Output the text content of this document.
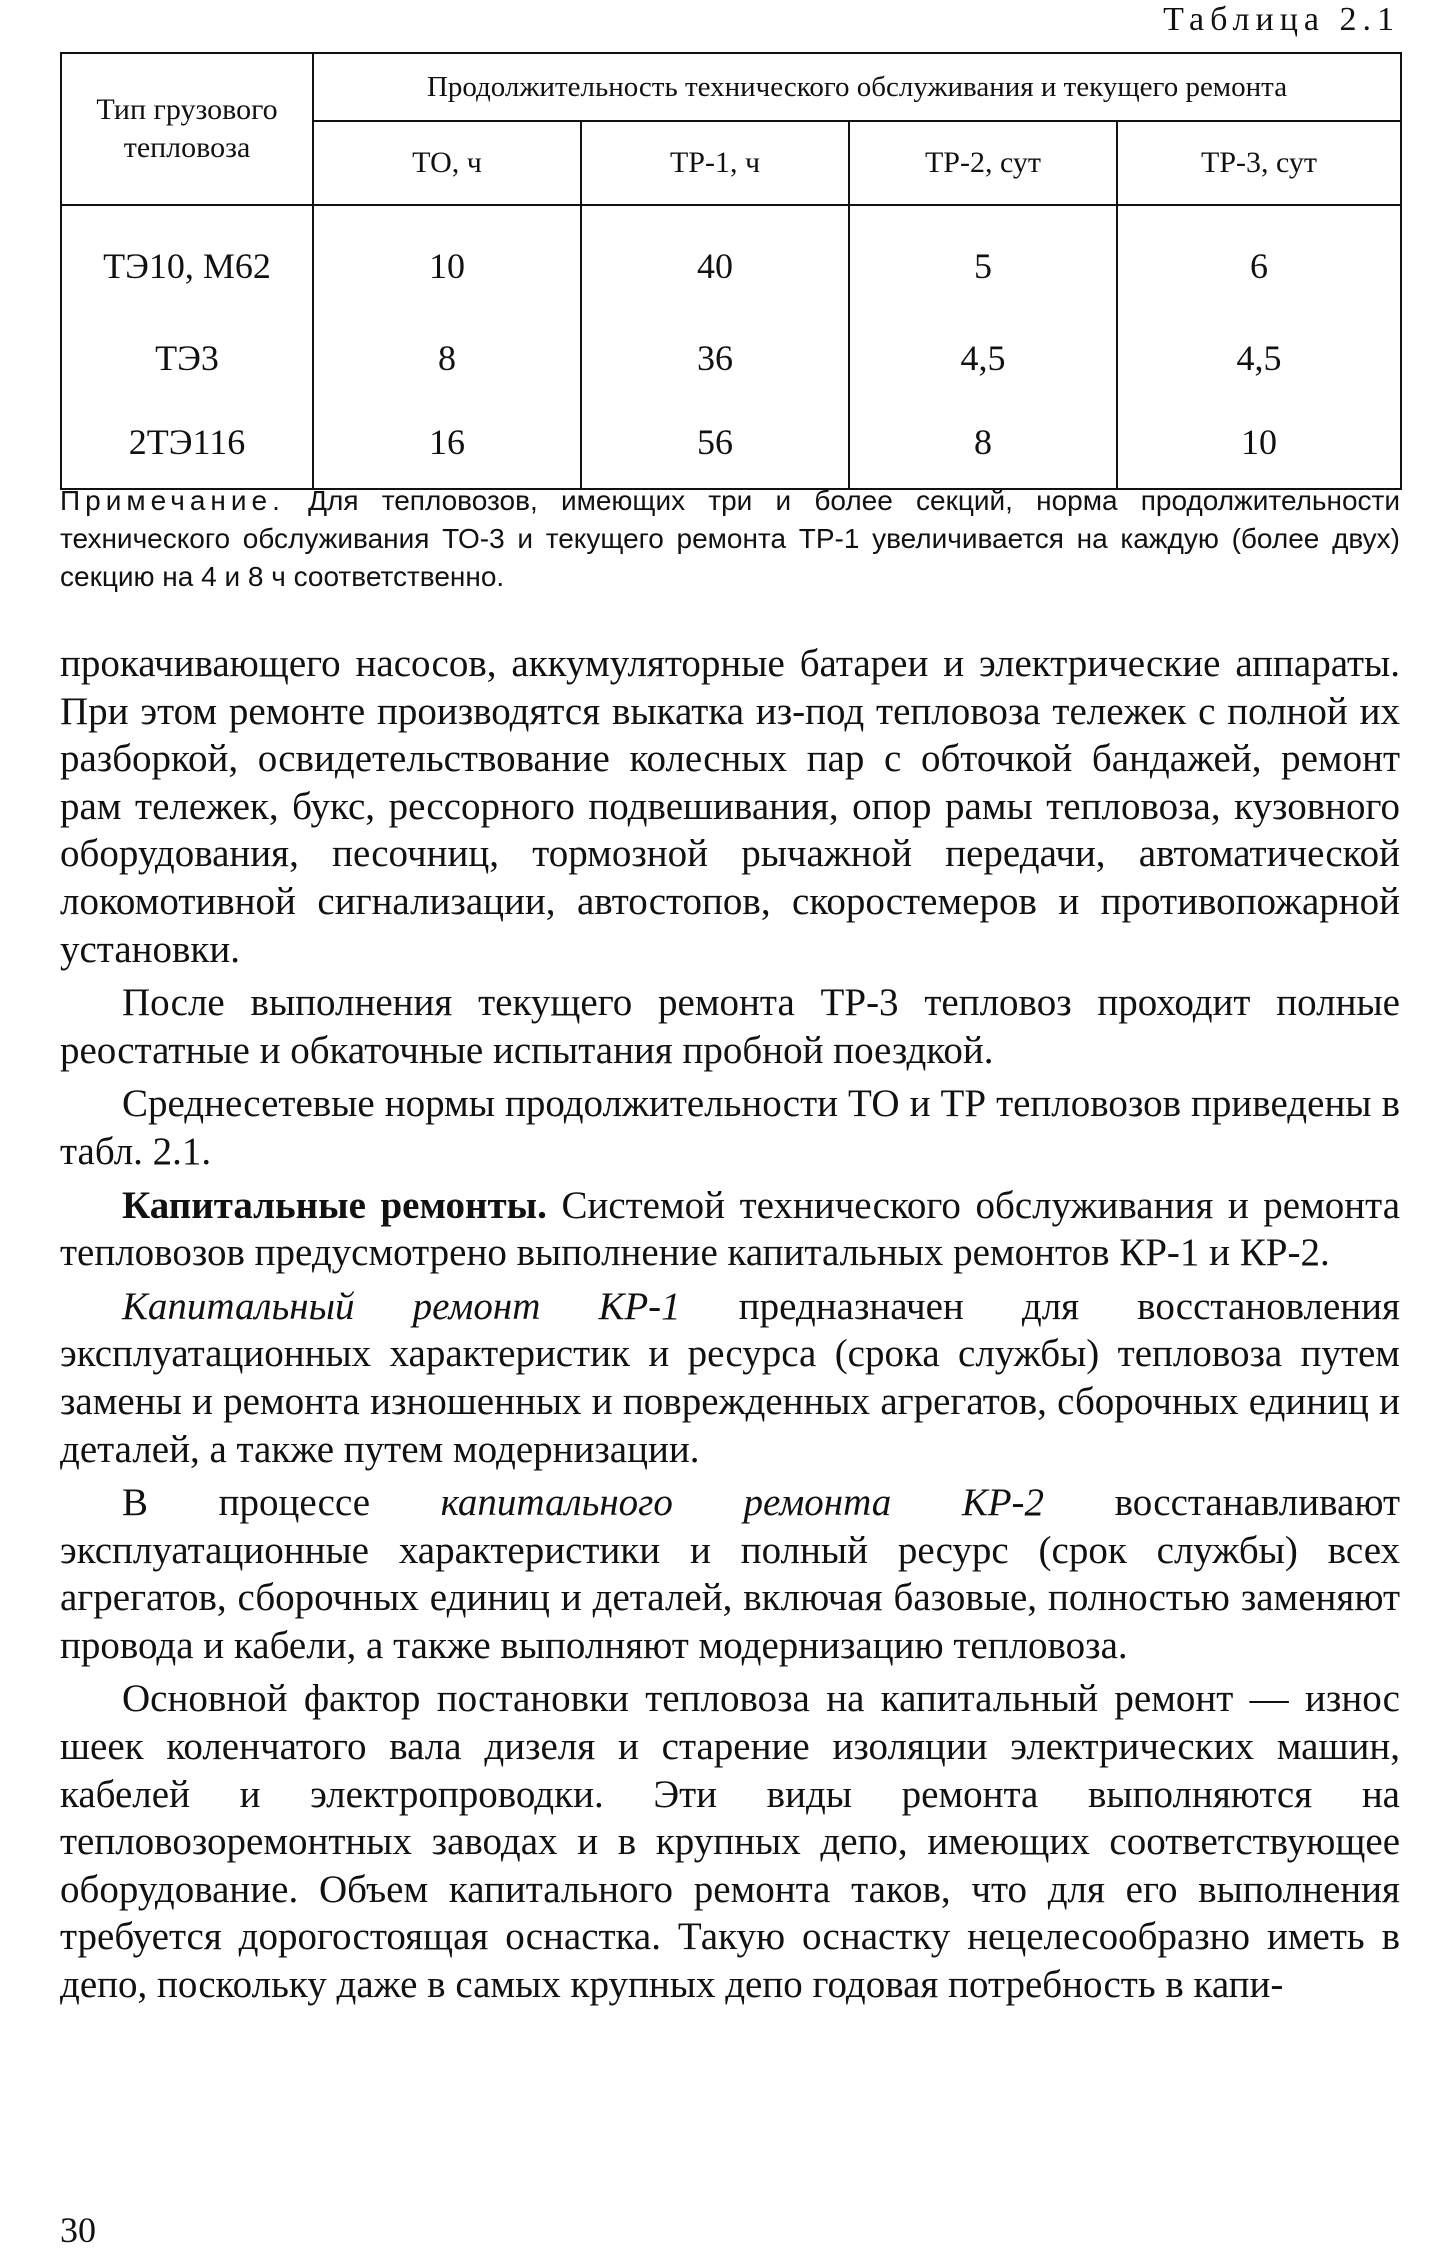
Таблица 2.1
Тип грузового тепловоза	Продолжительность технического обслуживания и текущего ремонта			
	ТО, ч	ТР-1, ч	ТР-2, сут	ТР-3, сут
ТЭ10, М62	10	40	5	6
ТЭ3	8	36	4,5	4,5
2ТЭ116	16	56	8	10
Примечание. Для тепловозов, имеющих три и более секций, норма продолжительности технического обслуживания ТО-3 и текущего ремонта ТР-1 увеличивается на каждую (более двух) секцию на 4 и 8 ч соответственно.

прокачивающего насосов, аккумуляторные батареи и электрические аппараты. При этом ремонте производятся выкатка из-под тепловоза тележек с полной их разборкой, освидетельствование колесных пар с обточкой бандажей, ремонт рам тележек, букс, рессорного подвешивания, опор рамы тепловоза, кузовного оборудования, песочниц, тормозной рычажной передачи, автоматической локомотивной сигнализации, автостопов, скоростемеров и противопожарной установки.

После выполнения текущего ремонта ТР-3 тепловоз проходит полные реостатные и обкаточные испытания пробной поездкой.

Среднесетевые нормы продолжительности ТО и ТР тепловозов приведены в табл. 2.1.

Капитальные ремонты. Системой технического обслуживания и ремонта тепловозов предусмотрено выполнение капитальных ремонтов КР-1 и КР-2.

Капитальный ремонт КР-1 предназначен для восстановления эксплуатационных характеристик и ресурса (срока службы) тепловоза путем замены и ремонта изношенных и поврежденных агрегатов, сборочных единиц и деталей, а также путем модернизации.

В процессе капитального ремонта КР-2 восстанавливают эксплуатационные характеристики и полный ресурс (срок службы) всех агрегатов, сборочных единиц и деталей, включая базовые, полностью заменяют провода и кабели, а также выполняют модернизацию тепловоза.

Основной фактор постановки тепловоза на капитальный ремонт — износ шеек коленчатого вала дизеля и старение изоляции электрических машин, кабелей и электропроводки. Эти виды ремонта выполняются на тепловозоремонтных заводах и в крупных депо, имеющих соответствующее оборудование. Объем капитального ремонта таков, что для его выполнения требуется дорогостоящая оснастка. Такую оснастку нецелесообразно иметь в депо, поскольку даже в самых крупных депо годовая потребность в капи-

30
